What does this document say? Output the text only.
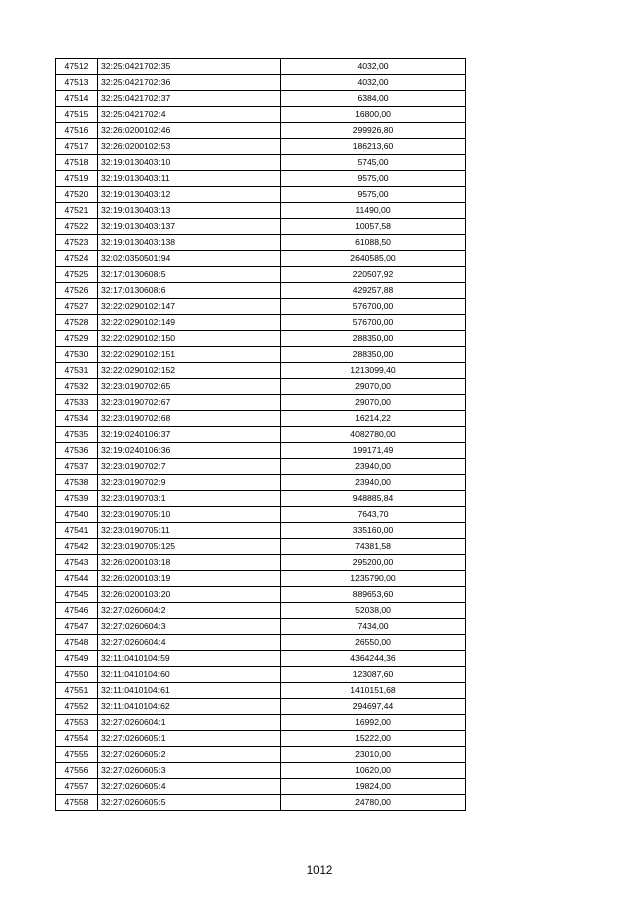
47512	32:25:0421702:35	4032,00
47513	32:25:0421702:36	4032,00
47514	32:25:0421702:37	6384,00
47515	32:25:0421702:4	16800,00
47516	32:26:0200102:46	299926,80
47517	32:26:0200102:53	186213,60
47518	32:19:0130403:10	5745,00
47519	32:19:0130403:11	9575,00
47520	32:19:0130403:12	9575,00
47521	32:19:0130403:13	11490,00
47522	32:19:0130403:137	10057,58
47523	32:19:0130403:138	61088,50
47524	32:02:0350501:94	2640585,00
47525	32:17:0130608:5	220507,92
47526	32:17:0130608:6	429257,88
47527	32:22:0290102:147	576700,00
47528	32:22:0290102:149	576700,00
47529	32:22:0290102:150	288350,00
47530	32:22:0290102:151	288350,00
47531	32:22:0290102:152	1213099,40
47532	32:23:0190702:65	29070,00
47533	32:23:0190702:67	29070,00
47534	32:23:0190702:68	16214,22
47535	32:19:0240106:37	4082780,00
47536	32:19:0240106:36	199171,49
47537	32:23:0190702:7	23940,00
47538	32:23:0190702:9	23940,00
47539	32:23:0190703:1	948885,84
47540	32:23:0190705:10	7643,70
47541	32:23:0190705:11	335160,00
47542	32:23:0190705:125	74381,58
47543	32:26:0200103:18	295200,00
47544	32:26:0200103:19	1235790,00
47545	32:26:0200103:20	889653,60
47546	32:27:0260604:2	52038,00
47547	32:27:0260604:3	7434,00
47548	32:27:0260604:4	26550,00
47549	32:11:0410104:59	4364244,36
47550	32:11:0410104:60	123087,60
47551	32:11:0410104:61	1410151,68
47552	32:11:0410104:62	294697,44
47553	32:27:0260604:1	16992,00
47554	32:27:0260605:1	15222,00
47555	32:27:0260605:2	23010,00
47556	32:27:0260605:3	10620,00
47557	32:27:0260605:4	19824,00
47558	32:27:0260605:5	24780,00
1012
